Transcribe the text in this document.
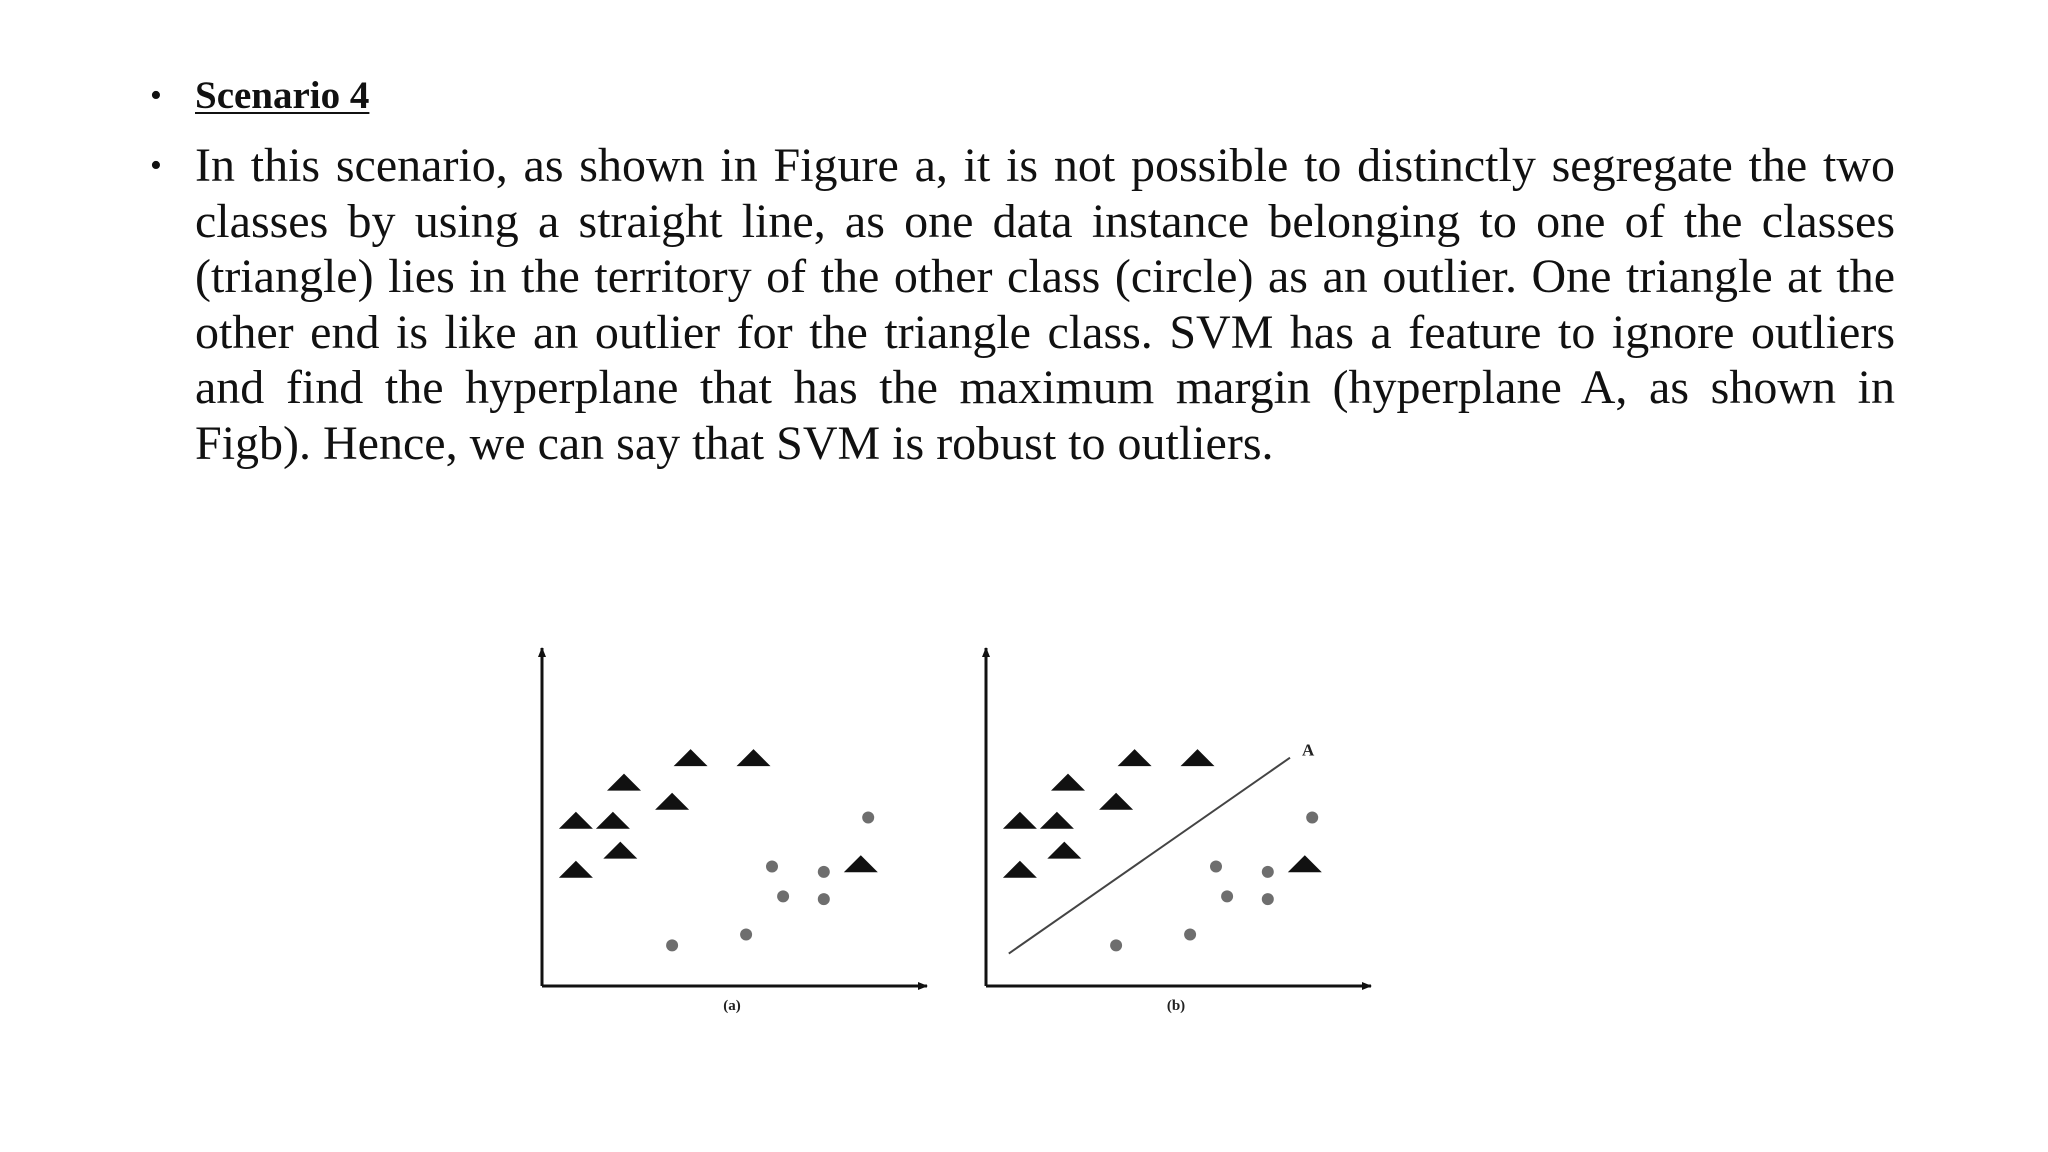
• Scenario 4
• In this scenario, as shown in Figure a, it is not possible to distinctly segregate the two classes by using a straight line, as one data instance belonging to one of the classes (triangle) lies in the territory of the other class (circle) as an outlier. One triangle at the other end is like an outlier for the triangle class. SVM has a feature to ignore outliers and find the hyperplane that has the maximum margin (hyperplane A, as shown in Figb). Hence, we can say that SVM is robust to outliers.
(a)
A
(b)
